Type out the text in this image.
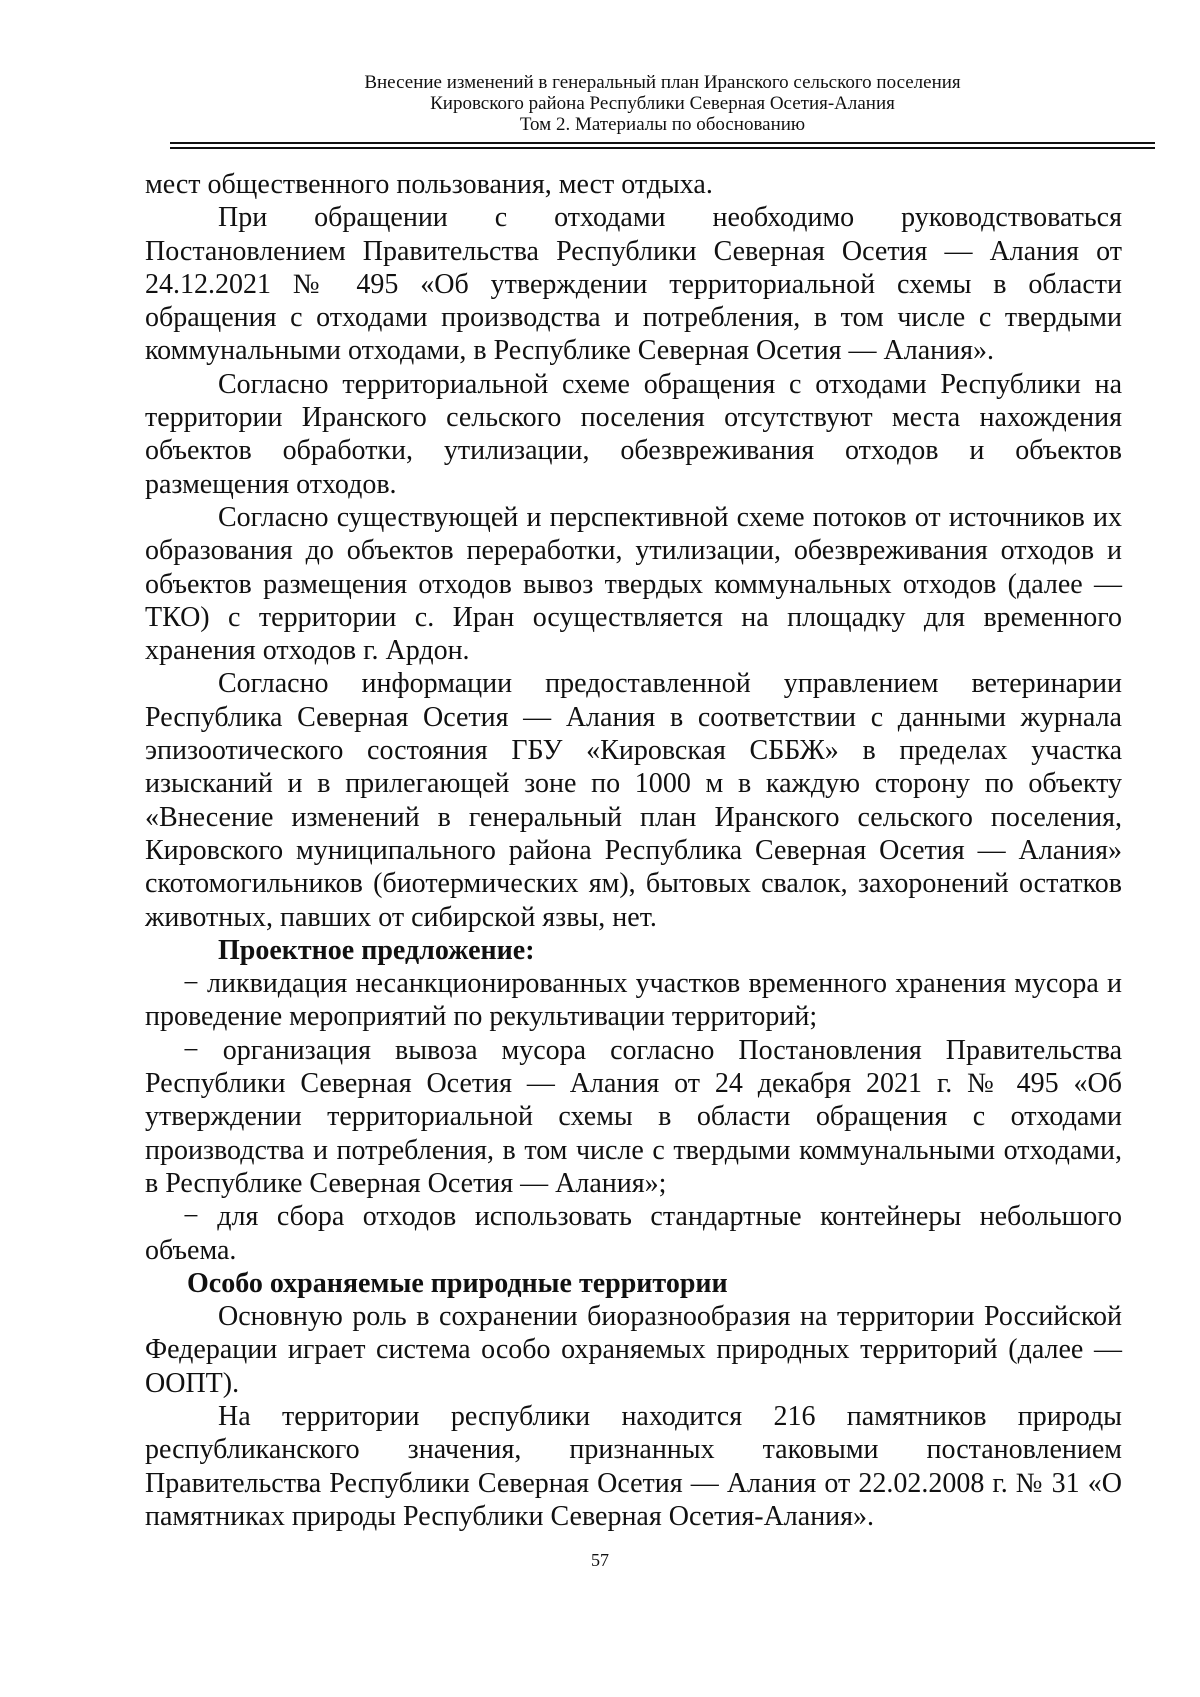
Внесение изменений в генеральный план Иранского сельского поселения
Кировского района Республики Северная Осетия-Алания
Том 2. Материалы по обоснованию

мест общественного пользования, мест отдыха.

При обращении с отходами необходимо руководствоваться Постановлением Правительства Республики Северная Осетия — Алания от 24.12.2021 № 495 «Об утверждении территориальной схемы в области обращения с отходами производства и потребления, в том числе с твердыми коммунальными отходами, в Республике Северная Осетия — Алания».

Согласно территориальной схеме обращения с отходами Республики на территории Иранского сельского поселения отсутствуют места нахождения объектов обработки, утилизации, обезвреживания отходов и объектов размещения отходов.

Согласно существующей и перспективной схеме потоков от источников их образования до объектов переработки, утилизации, обезвреживания отходов и объектов размещения отходов вывоз твердых коммунальных отходов (далее — ТКО) с территории с. Иран осуществляется на площадку для временного хранения отходов г. Ардон.

Согласно информации предоставленной управлением ветеринарии Республика Северная Осетия — Алания в соответствии с данными журнала эпизоотического состояния ГБУ «Кировская СББЖ» в пределах участка изысканий и в прилегающей зоне по 1000 м в каждую сторону по объекту «Внесение изменений в генеральный план Иранского сельского поселения, Кировского муниципального района Республика Северная Осетия — Алания» скотомогильников (биотермических ям), бытовых свалок, захоронений остатков животных, павших от сибирской язвы, нет.

Проектное предложение:

− ликвидация несанкционированных участков временного хранения мусора и проведение мероприятий по рекультивации территорий;

− организация вывоза мусора согласно Постановления Правительства Республики Северная Осетия — Алания от 24 декабря 2021 г. № 495 «Об утверждении территориальной схемы в области обращения с отходами производства и потребления, в том числе с твердыми коммунальными отходами, в Республике Северная Осетия — Алания»;

− для сбора отходов использовать стандартные контейнеры небольшого объема.

Особо охраняемые природные территории

Основную роль в сохранении биоразнообразия на территории Российской Федерации играет система особо охраняемых природных территорий (далее — ООПТ).

На территории республики находится 216 памятников природы республиканского значения, признанных таковыми постановлением Правительства Республики Северная Осетия — Алания от 22.02.2008 г. № 31 «О памятниках природы Республики Северная Осетия-Алания».

57
